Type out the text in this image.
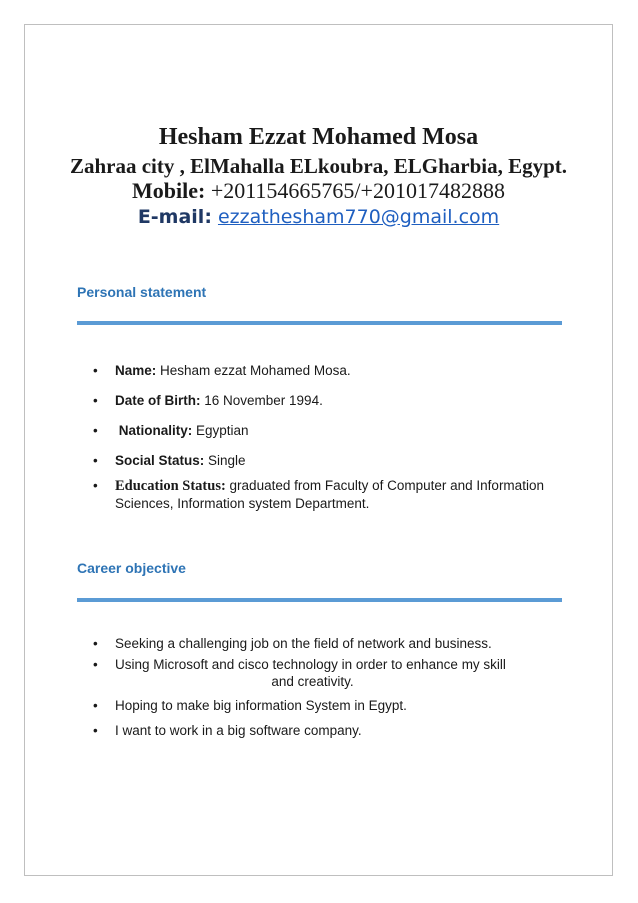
Hesham Ezzat Mohamed Mosa
Zahraa city , ElMahalla ELkoubra, ELGharbia, Egypt.
Mobile: +201154665765/+201017482888
E-mail: ezzathesham770@gmail.com
Personal statement
• Name: Hesham ezzat Mohamed Mosa.
• Date of Birth: 16 November 1994.
• Nationality: Egyptian
• Social Status: Single
• Education Status: graduated from Faculty of Computer and Information Sciences, Information system Department.
Career objective
• Seeking a challenging job on the field of network and business.
• Using Microsoft and cisco technology in order to enhance my skill
and creativity.
• Hoping to make big information System in Egypt.
• I want to work in a big software company.
